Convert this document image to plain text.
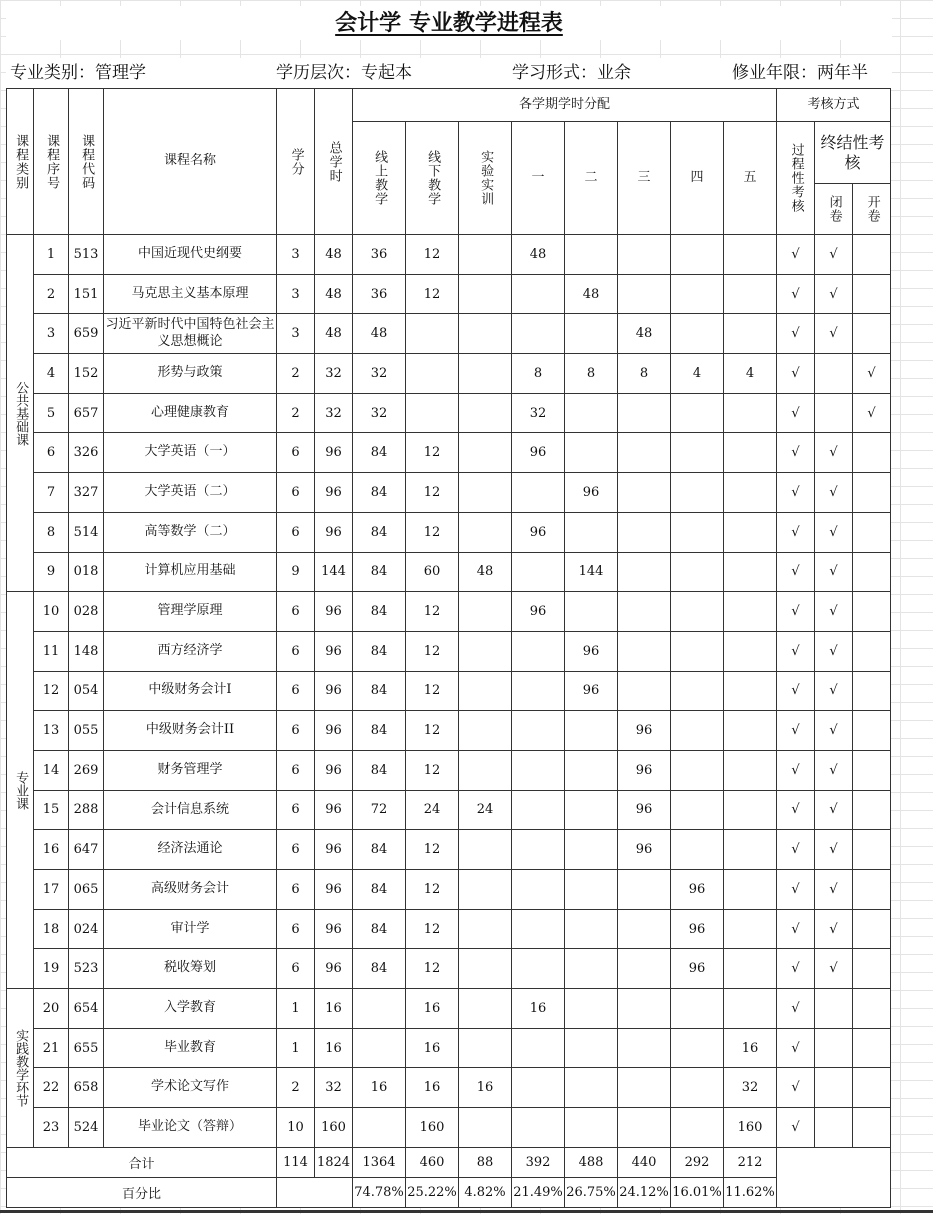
会计学 专业教学进程表
专业类别：管理学	学历层次：专起本	学习形式：业余	修业年限：两年半
课程类别	课程序号	课程代码	课程名称	学分	总学时	各学期学时分配								考核方式		

						线上教学	线下教学	实验实训	一	二	三	四	五	过程性考核	终结性考核	

															闭卷	开卷

公共基础课	1	513	中国近现代史纲要	3	48	36	12		48					√	√	
	2	151	马克思主义基本原理	3	48	36	12			48				√	√	
	3	659	习近平新时代中国特色社会主义思想概论	3	48	48					48			√	√	
	4	152	形势与政策	2	32	32			8	8	8	4	4	√		√
	5	657	心理健康教育	2	32	32			32					√		√
	6	326	大学英语（一）	6	96	84	12		96					√	√	
	7	327	大学英语（二）	6	96	84	12			96				√	√	
	8	514	高等数学（二）	6	96	84	12		96					√	√	
	9	018	计算机应用基础	9	144	84	60	48		144				√	√	

专业课	10	028	管理学原理	6	96	84	12		96					√	√	
	11	148	西方经济学	6	96	84	12			96				√	√	
	12	054	中级财务会计I	6	96	84	12			96				√	√	
	13	055	中级财务会计II	6	96	84	12				96			√	√	
	14	269	财务管理学	6	96	84	12				96			√	√	
	15	288	会计信息系统	6	96	72	24	24			96			√	√	
	16	647	经济法通论	6	96	84	12				96			√	√	
	17	065	高级财务会计	6	96	84	12					96		√	√	
	18	024	审计学	6	96	84	12					96		√	√	
	19	523	税收筹划	6	96	84	12					96		√	√	

实践教学环节	20	654	入学教育	1	16		16		16					√		
	21	655	毕业教育	1	16		16						16	√		
	22	658	学术论文写作	2	32	16	16	16					32	√		
	23	524	毕业论文（答辩）	10	160		160						160	√		
合计				114	1824	1364	460	88	392	488	440	292	212			
百分比						74.78%	25.22%	4.82%	21.49%	26.75%	24.12%	16.01%	11.62%			
